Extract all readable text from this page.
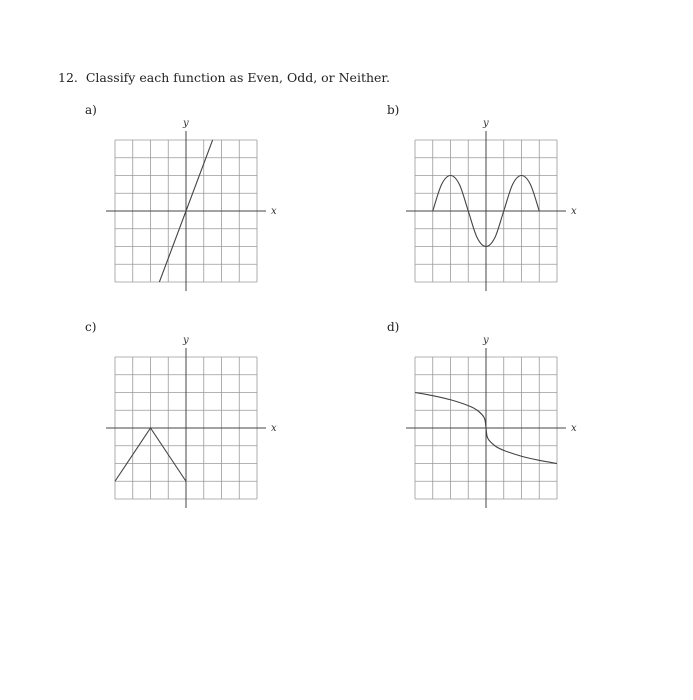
12. Classify each function as Even, Odd, or Neither.
a)	b)
c)	d)
x
y
x
y
x
y
x
y
